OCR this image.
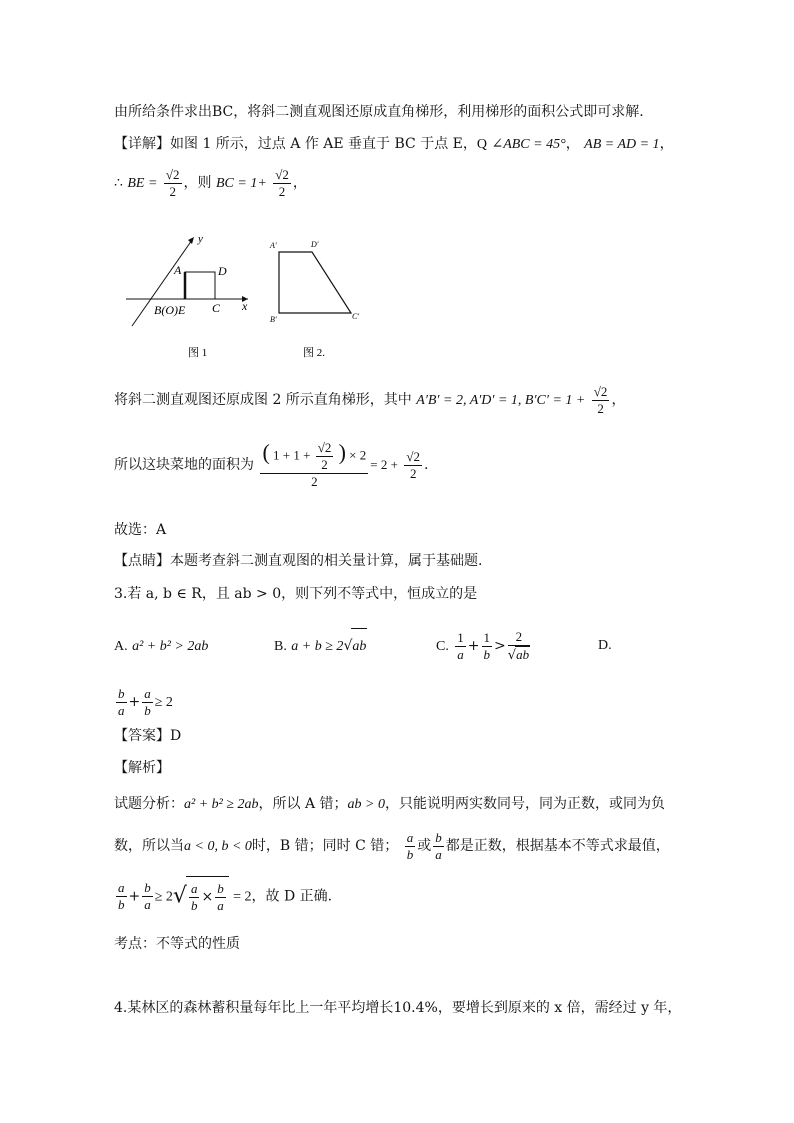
由所给条件求出BC，将斜二测直观图还原成直角梯形，利用梯形的面积公式即可求解.
【详解】如图 1 所示，过点 A 作 AE 垂直于 BC 于点 E，Q ∠ABC = 45°， AB = AD = 1，
∴ BE = $\frac{√2}{2}$ ，则 BC = $1+ \frac{√2}{2}$ ，
y
x
A	D
B(O)E C
图 1
A'	D'
B'	C'
图 2.
将斜二测直观图还原成图 2 所示直角梯形，其中 A′B′ = 2, A′D′ = 1, $B'C' = 1 + \frac{√2}{2}$ ，
所以这块菜地的面积为 $\frac{( 1 + 1 + \frac{√2}{2} ) \times 2}{2} = 2 + \frac{√2}{2}$ .
故选：A
【点睛】本题考查斜二测直观图的相关量计算，属于基础题.
3.若 a, b ∈ R，且 ab > 0，则下列不等式中，恒成立的是
A. a² + b² > 2ab	B. a + b ≥ 2√ab	C. $\frac{1}{a} + \frac{1}{b} > \frac{2}{√ab}$	D.
$\frac{b}{a} + \frac{a}{b} \ge 2$
【答案】D
【解析】
试题分析：a² + b² ≥ 2ab，所以 A 错；ab > 0，只能说明两实数同号，同为正数，或同为负
数，所以当a < 0, b < 0时，B 错；同时 C 错； $\frac{a}{b}$ 或 $\frac{b}{a}$ 都是正数，根据基本不等式求最值，
$\frac{a}{b} + \frac{b}{a} \ge 2√ \frac{a}{b} \times \frac{b}{a} = 2$，故 D 正确.
考点：不等式的性质
4.某林区的森林蓄积量每年比上一年平均增长10.4%，要增长到原来的 x 倍，需经过 y 年，
